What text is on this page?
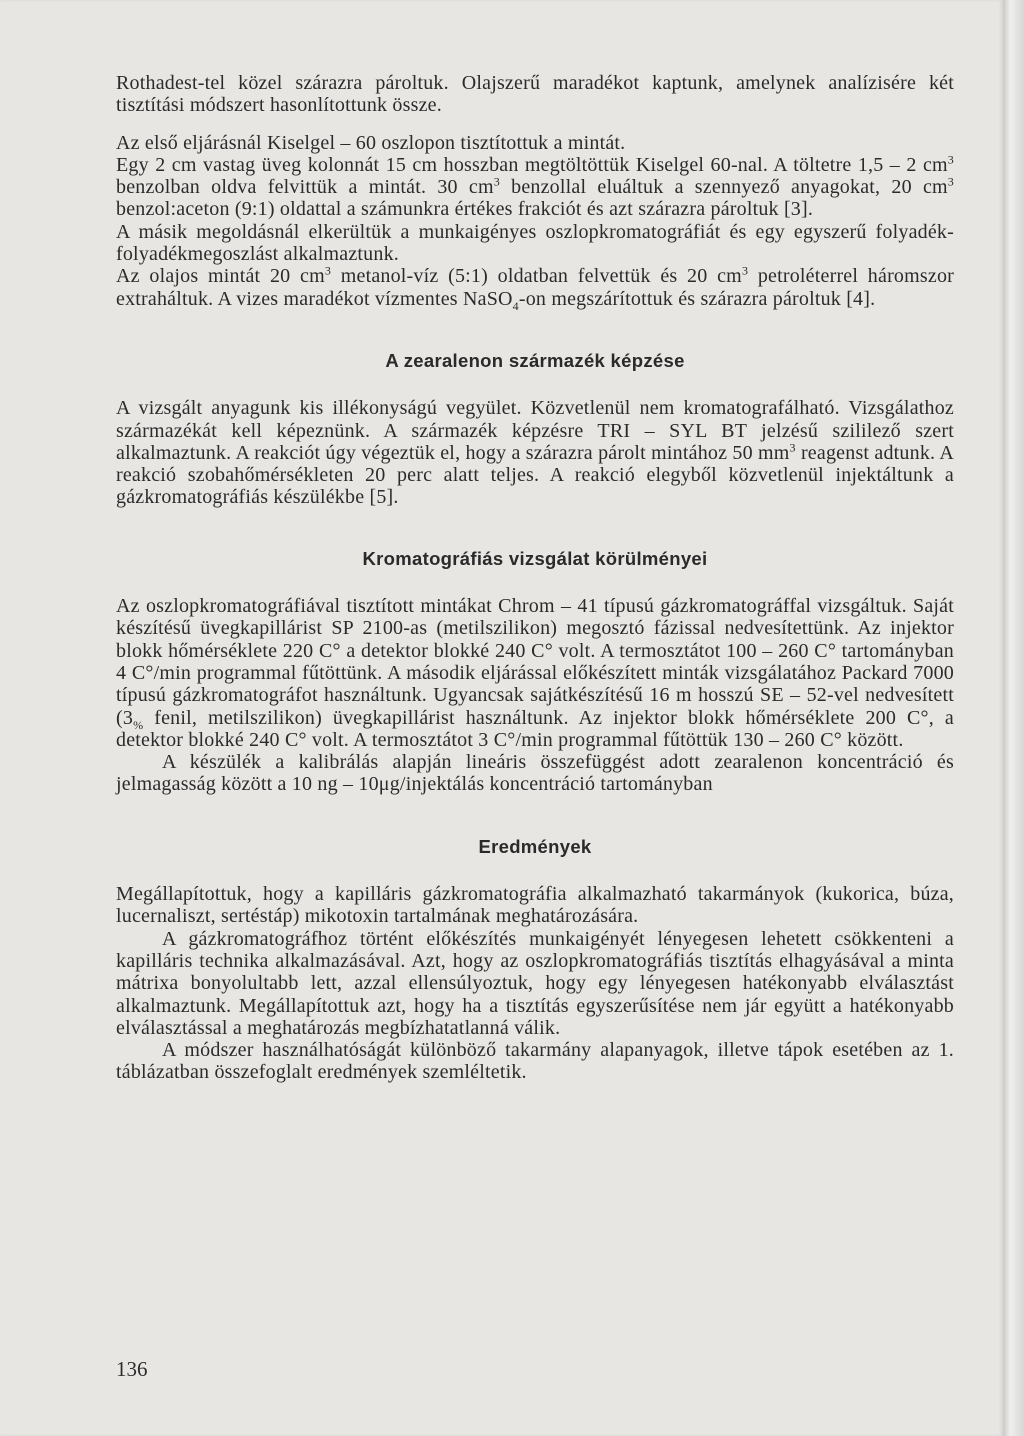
Rothadest-tel közel szárazra pároltuk. Olajszerű maradékot kaptunk, amelynek analízisére két tisztítási módszert hasonlítottunk össze.

Az első eljárásnál Kiselgel – 60 oszlopon tisztítottuk a mintát.

Egy 2 cm vastag üveg kolonnát 15 cm hosszban megtöltöttük Kiselgel 60-nal. A töltetre 1,5 – 2 $cm^3$ benzolban oldva felvittük a mintát. 30 $cm^3$ benzollal eluáltuk a szennyező anyagokat, 20 $cm^3$ benzol:aceton (9:1) oldattal a számunkra értékes frakciót és azt szárazra pároltuk [3].

A másik megoldásnál elkerültük a munkaigényes oszlopkromatográfiát és egy egyszerű folyadék-folyadékmegoszlást alkalmaztunk.

Az olajos mintát 20 $cm^3$ metanol-víz (5:1) oldatban felvettük és 20 $cm^3$ petroléterrel háromszor extraháltuk. A vizes maradékot vízmentes NaSO$_4$-on megszárítottuk és szárazra pároltuk [4].

A zearalenon származék képzése

A vizsgált anyagunk kis illékonyságú vegyület. Közvetlenül nem kromatografálható. Vizsgálathoz származékát kell képeznünk. A származék képzésre TRI – SYL BT jelzésű szililező szert alkalmaztunk. A reakciót úgy végeztük el, hogy a szárazra párolt mintához 50 $mm^3$ reagenst adtunk. A reakció szobahőmérsékleten 20 perc alatt teljes. A reakció elegyből közvetlenül injektáltunk a gázkromatográfiás készülékbe [5].

Kromatográfiás vizsgálat körülményei

Az oszlopkromatográfiával tisztított mintákat Chrom – 41 típusú gázkromatográffal vizsgáltuk. Saját készítésű üvegkapillárist SP 2100-as (metilszilikon) megosztó fázissal nedvesítettünk. Az injektor blokk hőmérséklete 220 C° a detektor blokké 240 C° volt. A termosztátot 100 – 260 C° tartományban 4 C°/min programmal fűtöttünk. A második eljárással előkészített minták vizsgálatához Packard 7000 típusú gázkromatográfot használtunk. Ugyancsak sajátkészítésű 16 m hosszú SE – 52-vel nedvesített ($3_{\%}$ fenil, metilszilikon) üvegkapillárist használtunk. Az injektor blokk hőmérséklete 200 C°, a detektor blokké 240 C° volt. A termosztátot 3 C°/min programmal fűtöttük 130 – 260 C° között.

A készülék a kalibrálás alapján lineáris összefüggést adott zearalenon koncentráció és jelmagasság között a 10 ng – 10μg/injektálás koncentráció tartományban

Eredmények

Megállapítottuk, hogy a kapilláris gázkromatográfia alkalmazható takarmányok (kukorica, búza, lucernaliszt, sertéstáp) mikotoxin tartalmának meghatározására.

A gázkromatográfhoz történt előkészítés munkaigényét lényegesen lehetett csökkenteni a kapilláris technika alkalmazásával. Azt, hogy az oszlopkromatográfiás tisztítás elhagyásával a minta mátrixa bonyolultabb lett, azzal ellensúlyoztuk, hogy egy lényegesen hatékonyabb elválasztást alkalmaztunk. Megállapítottuk azt, hogy ha a tisztítás egyszerűsítése nem jár együtt a hatékonyabb elválasztással a meghatározás megbízhatatlanná válik.

A módszer használhatóságát különböző takarmány alapanyagok, illetve tápok esetében az 1. táblázatban összefoglalt eredmények szemléltetik.

136
